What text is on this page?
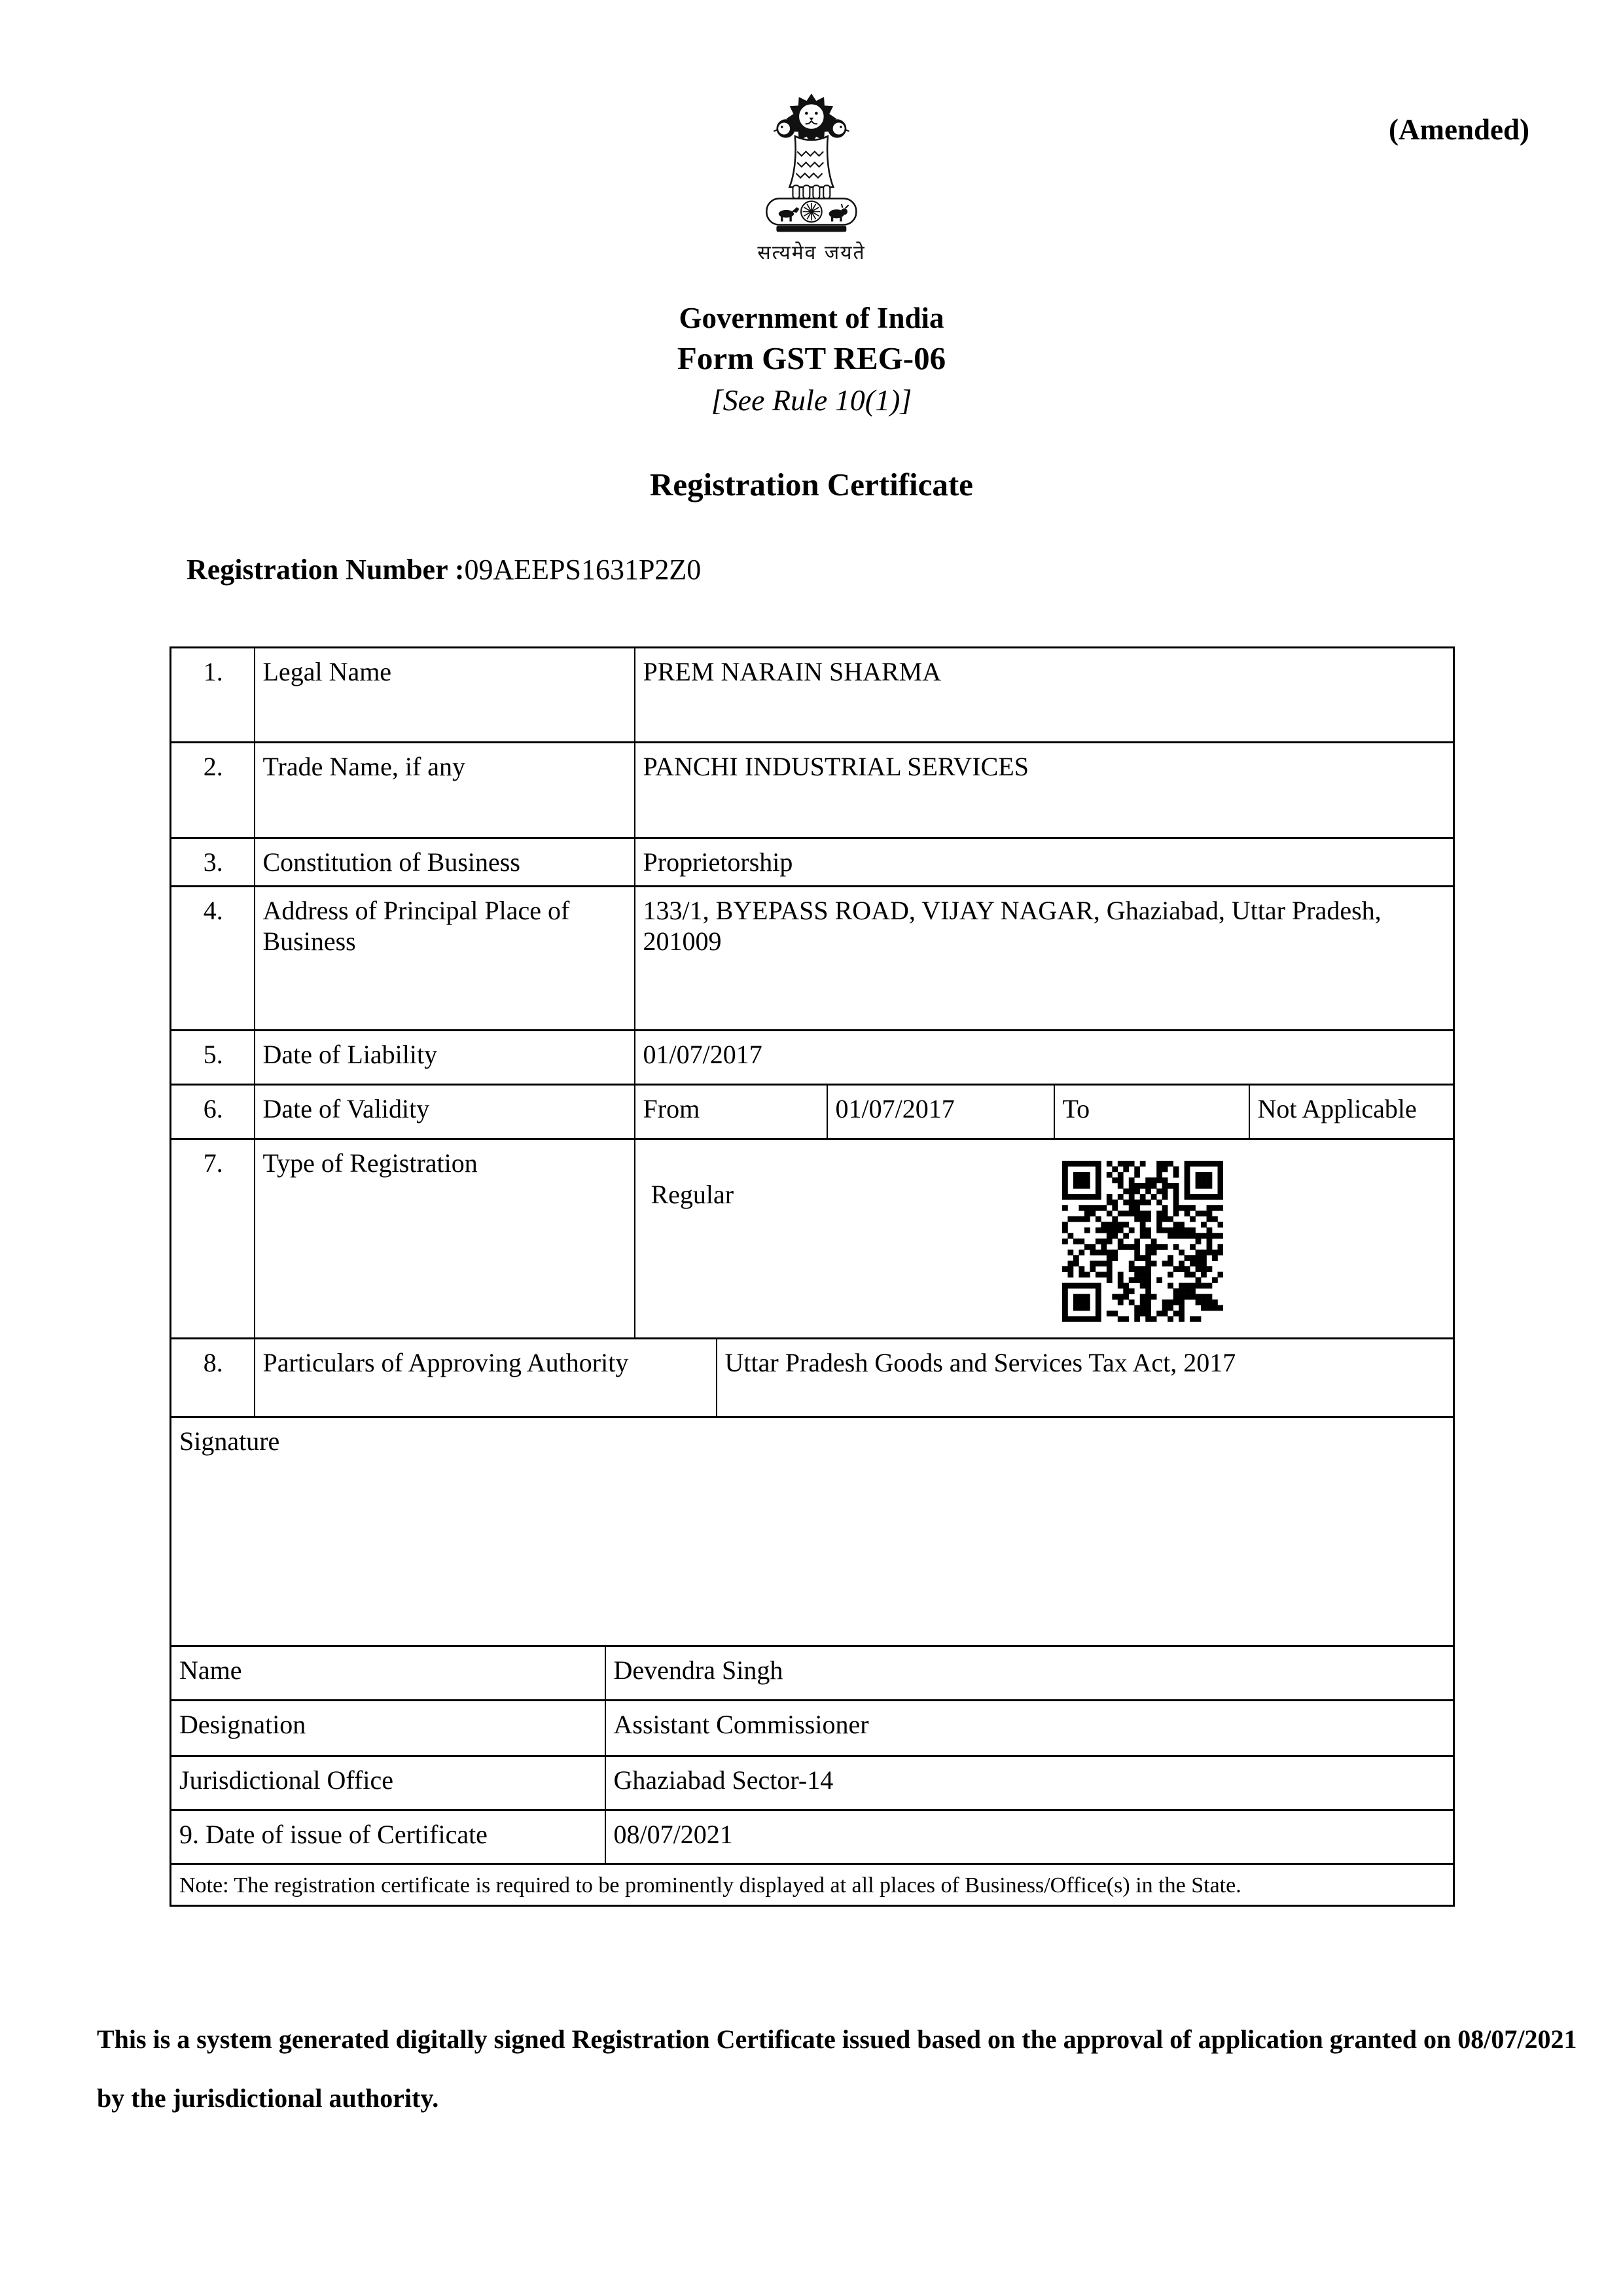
(Amended)
सत्यमेव जयते
Government of India
Form GST REG-06
[See Rule 10(1)]
Registration Certificate
Registration Number :09AEEPS1631P2Z0
1.	Legal Name		PREM NARAIN SHARMA				
2.	Trade Name, if any		PANCHI INDUSTRIAL SERVICES				
3.	Constitution of Business		Proprietorship				
4.	Address of Principal Place of Business		133/1, BYEPASS ROAD, VIJAY NAGAR, Ghaziabad, Uttar Pradesh, 201009				
5.	Date of Liability		01/07/2017				
6.	Date of Validity		From		01/07/2017	To	Not Applicable
7.	Type of Registration		Regular				

8.	Particulars of Approving Authority			Uttar Pradesh Goods and Services Tax Act, 2017			
Signature							
Name		Devendra Singh					
Designation		Assistant Commissioner					
Jurisdictional Office		Ghaziabad Sector-14					
9. Date of issue of Certificate		08/07/2021					
Note: The registration certificate is required to be prominently displayed at all places of Business/Office(s) in the State.							
This is a system generated digitally signed Registration Certificate issued based on the approval of application granted on 08/07/2021 by the jurisdictional authority.
